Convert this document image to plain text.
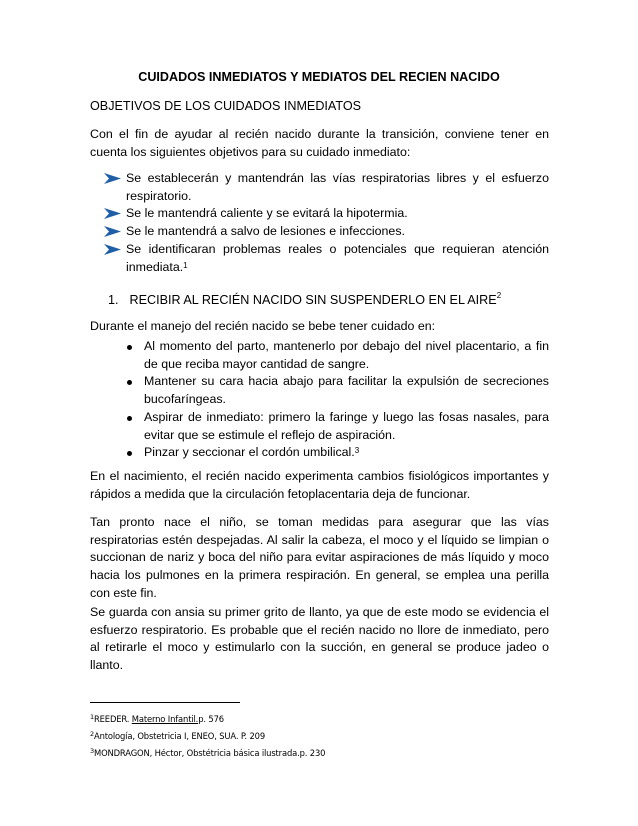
CUIDADOS INMEDIATOS Y MEDIATOS DEL RECIEN NACIDO
OBJETIVOS DE LOS CUIDADOS INMEDIATOS
Con el fin de ayudar al recién nacido durante la transición, conviene tener en
cuenta los siguientes objetivos para su cuidado inmediato:
Se establecerán y mantendrán las vías respiratorias libres y el esfuerzo
respiratorio.
Se le mantendrá caliente y se evitará la hipotermia.
Se le mantendrá a salvo de lesiones e infecciones.
Se identificaran problemas reales o potenciales que requieran atención
inmediata.$^1$
1. RECIBIR AL RECIÉN NACIDO SIN SUSPENDERLO EN EL AIRE$^2$
Durante el manejo del recién nacido se bebe tener cuidado en:
Al momento del parto, mantenerlo por debajo del nivel placentario, a fin
de que reciba mayor cantidad de sangre.
Mantener su cara hacia abajo para facilitar la expulsión de secreciones
bucofaríngeas.
Aspirar de inmediato: primero la faringe y luego las fosas nasales, para
evitar que se estimule el reflejo de aspiración.
Pinzar y seccionar el cordón umbilical.$^3$
En el nacimiento, el recién nacido experimenta cambios fisiológicos importantes y
rápidos a medida que la circulación fetoplacentaria deja de funcionar.
Tan pronto nace el niño, se toman medidas para asegurar que las vías
respiratorias estén despejadas. Al salir la cabeza, el moco y el líquido se limpian o
succionan de nariz y boca del niño para evitar aspiraciones de más líquido y moco
hacia los pulmones en la primera respiración. En general, se emplea una perilla
con este fin.
Se guarda con ansia su primer grito de llanto, ya que de este modo se evidencia el
esfuerzo respiratorio. Es probable que el recién nacido no llore de inmediato, pero
al retirarle el moco y estimularlo con la succión, en general se produce jadeo o
llanto.
$^1$REEDER. Materno Infantil.p. 576
$^2$Antología, Obstetricia I, ENEO, SUA. P. 209
$^3$MONDRAGON, Héctor, Obstétricia básica ilustrada.p. 230
